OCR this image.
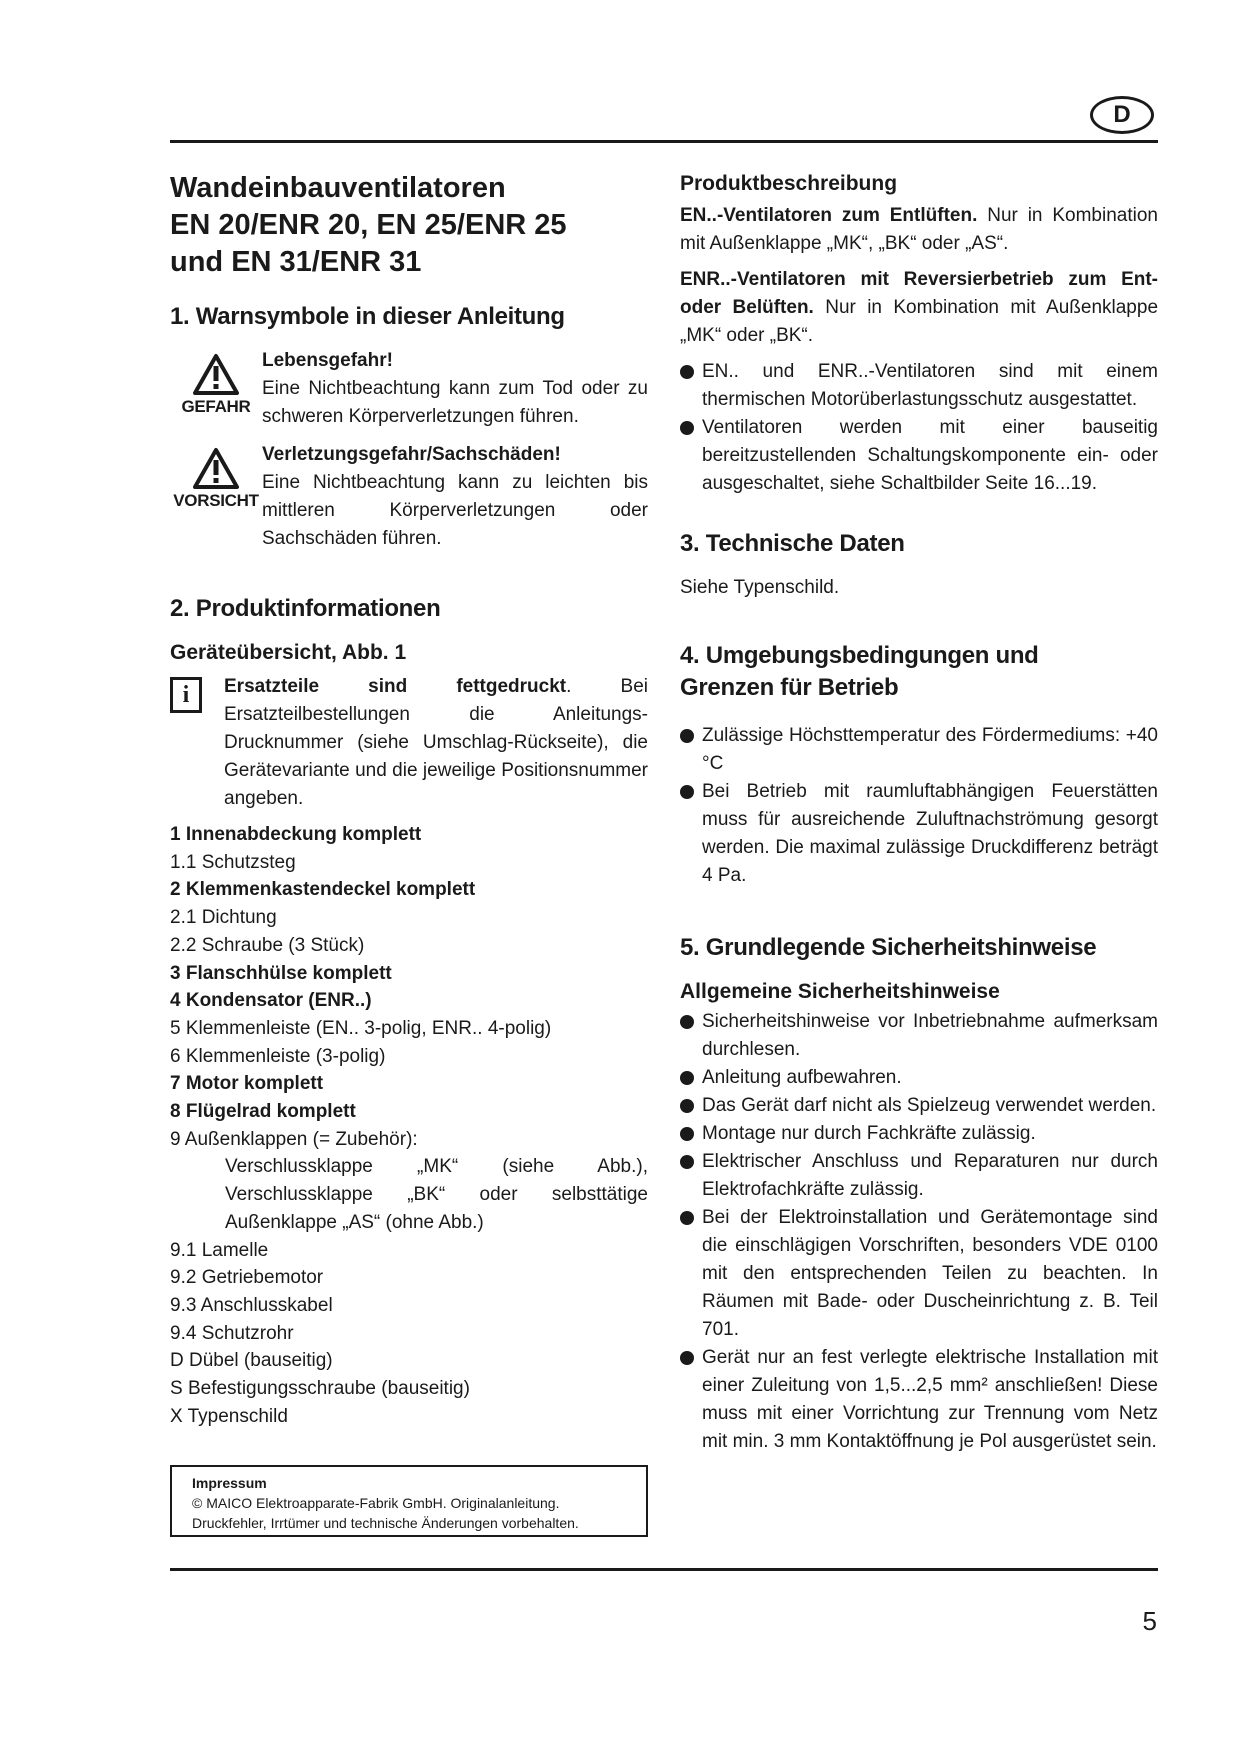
D
Wandeinbauventilatoren
EN 20/ENR 20, EN 25/ENR 25
und EN 31/ENR 31
1. Warnsymbole in dieser Anleitung
GEFAHR
Lebensgefahr!

Eine Nichtbeachtung kann zum Tod oder zu schweren Körperverletzungen führen.

VORSICHT
Verletzungsgefahr/Sachschäden!

Eine Nichtbeachtung kann zu leichten bis mittleren Körperverletzungen oder Sachschäden führen.

2. Produktinformationen
Geräteübersicht, Abb. 1
i	Ersatzteile sind fettgedruckt. Bei Ersatzteilbestellungen die Anleitungs-Drucknummer (siehe Umschlag-Rückseite), die Gerätevariante und die jeweilige Positionsnummer angeben.

1 Innenabdeckung komplett
1.1 Schutzsteg
2 Klemmenkastendeckel komplett
2.1 Dichtung
2.2 Schraube (3 Stück)
3 Flanschhülse komplett
4 Kondensator (ENR..)
5 Klemmenleiste (EN.. 3-polig, ENR.. 4-polig)
6 Klemmenleiste (3-polig)
7 Motor komplett
8 Flügelrad komplett
9 Außenklappen (= Zubehör):
Verschlussklappe „MK“ (siehe Abb.), Verschlussklappe „BK“ oder selbsttätige Außenklappe „AS“ (ohne Abb.)
9.1 Lamelle
9.2 Getriebemotor
9.3 Anschlusskabel
9.4 Schutzrohr
D Dübel (bauseitig)
S Befestigungsschraube (bauseitig)
X Typenschild
Impressum
© MAICO Elektroapparate-Fabrik GmbH. Originalanleitung.
Druckfehler, Irrtümer und technische Änderungen vorbehalten.
Produktbeschreibung

EN..-Ventilatoren zum Entlüften. Nur in Kombination mit Außenklappe „MK“, „BK“ oder „AS“.

ENR..-Ventilatoren mit Reversierbetrieb zum Ent- oder Belüften. Nur in Kombination mit Außenklappe „MK“ oder „BK“.

EN.. und ENR..-Ventilatoren sind mit einem thermischen Motorüberlastungsschutz ausgestattet.
Ventilatoren werden mit einer bauseitig bereitzustellenden Schaltungskomponente ein- oder ausgeschaltet, siehe Schaltbilder Seite 16...19.
3. Technische Daten

Siehe Typenschild.

4. Umgebungsbedingungen und
Grenzen für Betrieb
Zulässige Höchsttemperatur des Fördermediums: +40 °C
Bei Betrieb mit raumluftabhängigen Feuerstätten muss für ausreichende Zuluftnachströmung gesorgt werden. Die maximal zulässige Druckdifferenz beträgt 4 Pa.
5. Grundlegende Sicherheitshinweise
Allgemeine Sicherheitshinweise
Sicherheitshinweise vor Inbetriebnahme aufmerksam durchlesen.
Anleitung aufbewahren.
Das Gerät darf nicht als Spielzeug verwendet werden.
Montage nur durch Fachkräfte zulässig.
Elektrischer Anschluss und Reparaturen nur durch Elektrofachkräfte zulässig.
Bei der Elektroinstallation und Gerätemontage sind die einschlägigen Vorschriften, besonders VDE 0100 mit den entsprechenden Teilen zu beachten. In Räumen mit Bade- oder Duscheinrichtung z. B. Teil 701.
Gerät nur an fest verlegte elektrische Installation mit einer Zuleitung von 1,5...2,5 mm² anschließen! Diese muss mit einer Vorrichtung zur Trennung vom Netz mit min. 3 mm Kontaktöffnung je Pol ausgerüstet sein.
5
